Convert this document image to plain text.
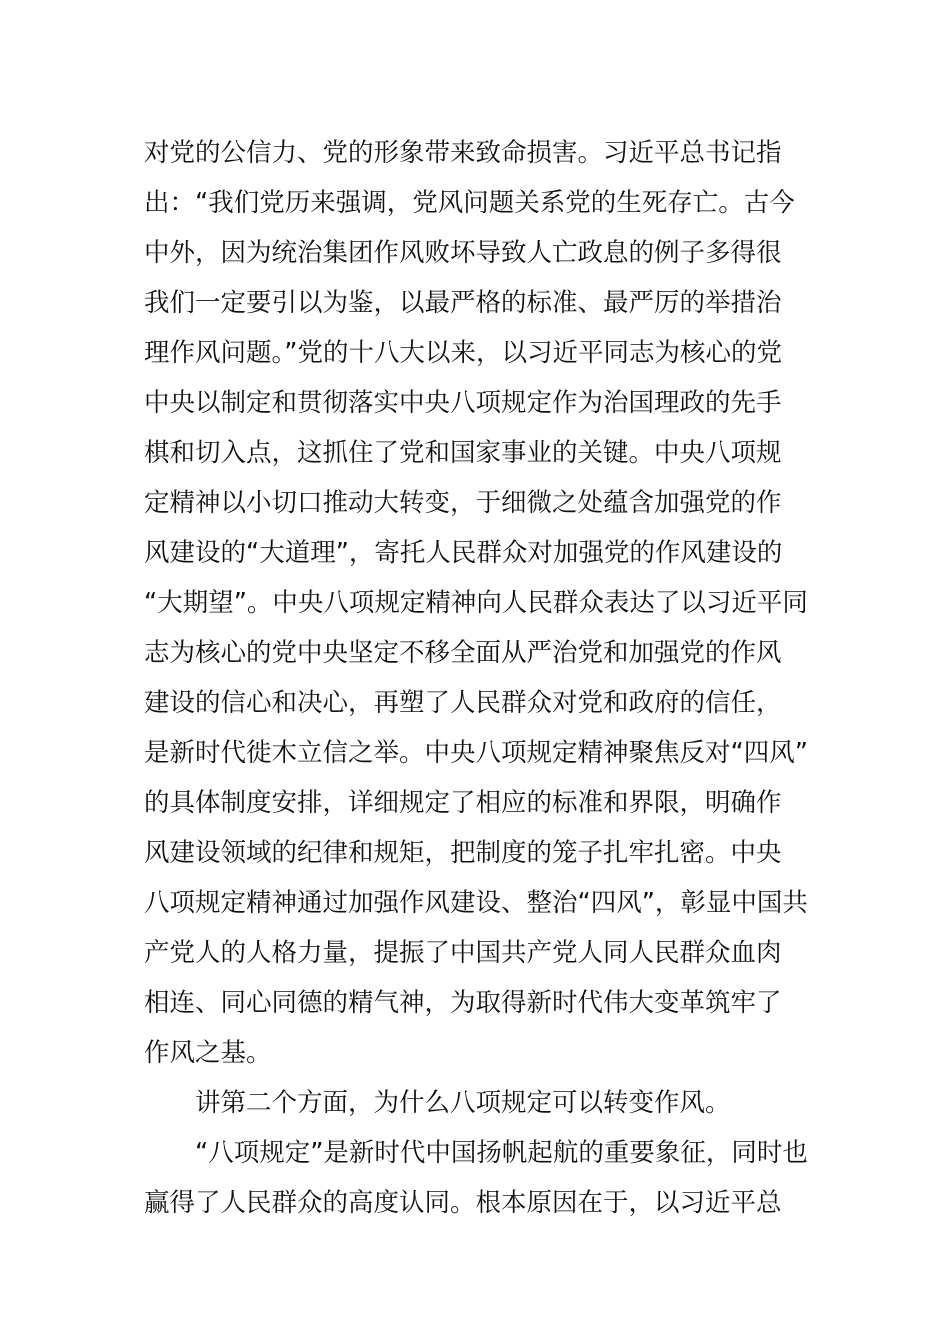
对党的公信力、党的形象带来致命损害。习近平总书记指
出：“我们党历来强调，党风问题关系党的生死存亡。古今
中外，因为统治集团作风败坏导致人亡政息的例子多得很
我们一定要引以为鉴，以最严格的标准、最严厉的举措治
理作风问题。”党的十八大以来，以习近平同志为核心的党
中央以制定和贯彻落实中央八项规定作为治国理政的先手
棋和切入点，这抓住了党和国家事业的关键。中央八项规
定精神以小切口推动大转变，于细微之处蕴含加强党的作
风建设的“大道理”，寄托人民群众对加强党的作风建设的
“大期望”。中央八项规定精神向人民群众表达了以习近平同
志为核心的党中央坚定不移全面从严治党和加强党的作风
建设的信心和决心，再塑了人民群众对党和政府的信任，
是新时代徙木立信之举。中央八项规定精神聚焦反对“四风”
的具体制度安排，详细规定了相应的标准和界限，明确作
风建设领域的纪律和规矩，把制度的笼子扎牢扎密。中央
八项规定精神通过加强作风建设、整治“四风”，彰显中国共
产党人的人格力量，提振了中国共产党人同人民群众血肉
相连、同心同德的精气神，为取得新时代伟大变革筑牢了
作风之基。
讲第二个方面，为什么八项规定可以转变作风。
“八项规定”是新时代中国扬帆起航的重要象征，同时也
赢得了人民群众的高度认同。根本原因在于，以习近平总
